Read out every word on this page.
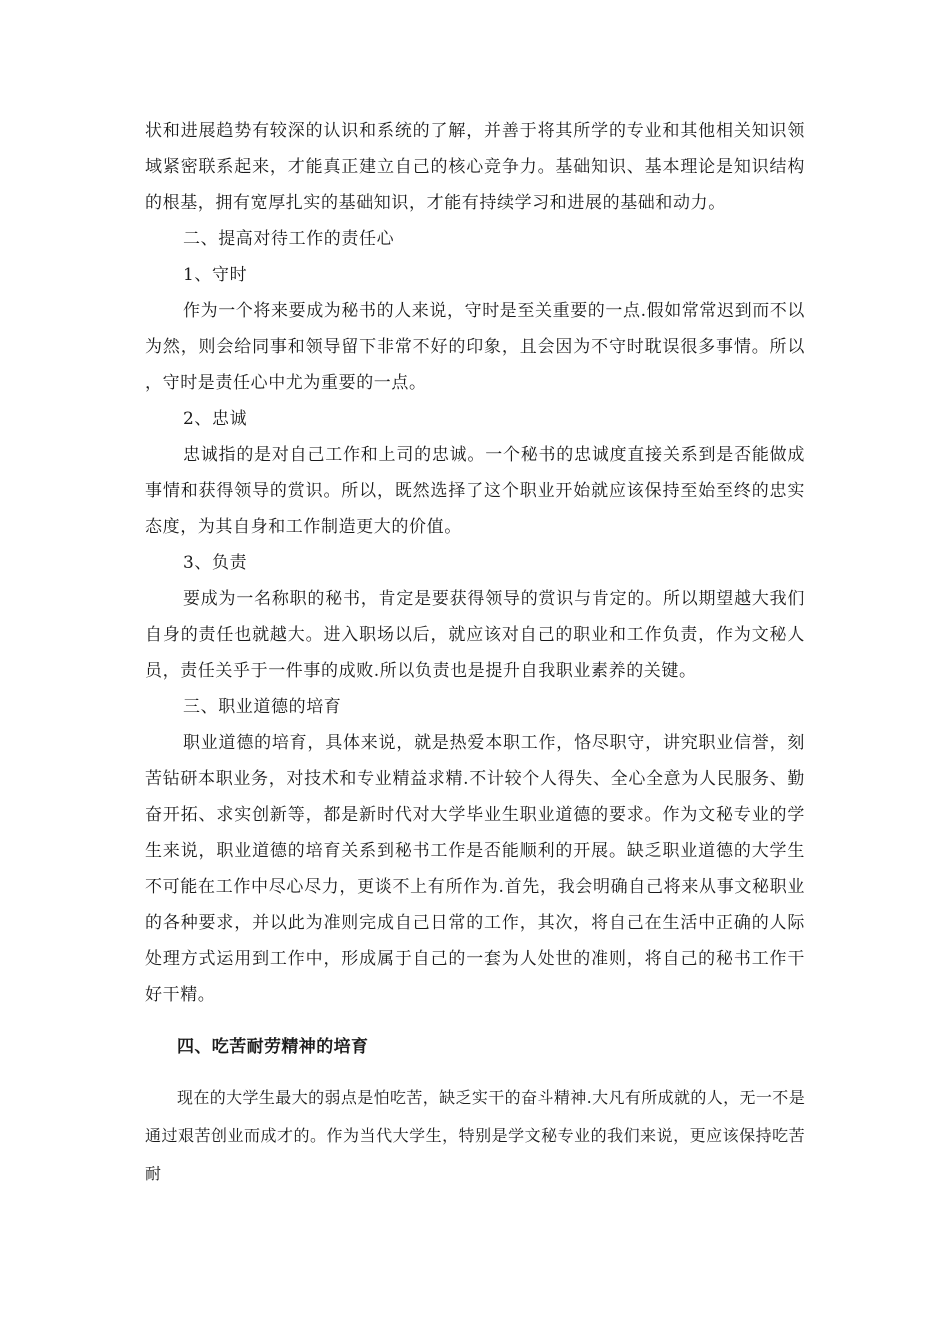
状和进展趋势有较深的认识和系统的了解，并善于将其所学的专业和其他相关知识领域紧密联系起来，才能真正建立自己的核心竞争力。基础知识、基本理论是知识结构的根基，拥有宽厚扎实的基础知识，才能有持续学习和进展的基础和动力。

二、提高对待工作的责任心

1、守时

作为一个将来要成为秘书的人来说，守时是至关重要的一点.假如常常迟到而不以为然，则会给同事和领导留下非常不好的印象，且会因为不守时耽误很多事情。所以 ，守时是责任心中尤为重要的一点。

2、忠诚

忠诚指的是对自己工作和上司的忠诚。一个秘书的忠诚度直接关系到是否能做成事情和获得领导的赏识。所以，既然选择了这个职业开始就应该保持至始至终的忠实态度，为其自身和工作制造更大的价值。

3、负责

要成为一名称职的秘书，肯定是要获得领导的赏识与肯定的。所以期望越大我们自身的责任也就越大。进入职场以后，就应该对自己的职业和工作负责，作为文秘人员，责任关乎于一件事的成败.所以负责也是提升自我职业素养的关键。

三、职业道德的培育

职业道德的培育，具体来说，就是热爱本职工作，恪尽职守，讲究职业信誉，刻苦钻研本职业务，对技术和专业精益求精.不计较个人得失、全心全意为人民服务、勤奋开拓、求实创新等，都是新时代对大学毕业生职业道德的要求。作为文秘专业的学生来说，职业道德的培育关系到秘书工作是否能顺利的开展。缺乏职业道德的大学生不可能在工作中尽心尽力，更谈不上有所作为.首先，我会明确自己将来从事文秘职业的各种要求，并以此为准则完成自己日常的工作，其次，将自己在生活中正确的人际处理方式运用到工作中，形成属于自己的一套为人处世的准则，将自己的秘书工作干好干精。

四、吃苦耐劳精神的培育

现在的大学生最大的弱点是怕吃苦，缺乏实干的奋斗精神.大凡有所成就的人，无一不是通过艰苦创业而成才的。作为当代大学生，特别是学文秘专业的我们来说，更应该保持吃苦耐
